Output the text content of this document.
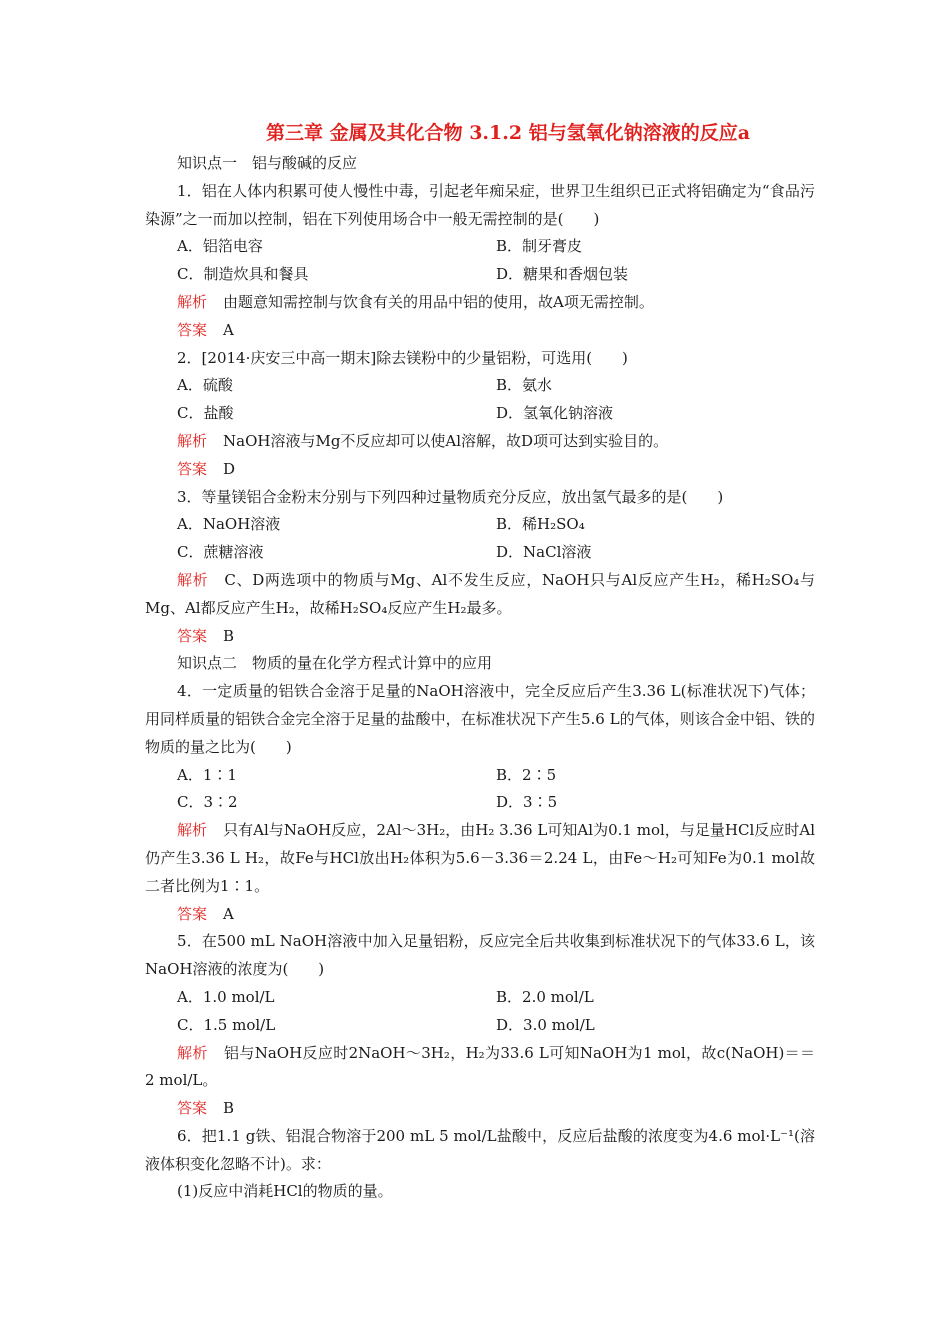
第三章 金属及其化合物 3.1.2 铝与氢氧化钠溶液的反应a
知识点一　铝与酸碱的反应
1．铝在人体内积累可使人慢性中毒，引起老年痴呆症，世界卫生组织已正式将铝确定为“食品污染源”之一而加以控制，铝在下列使用场合中一般无需控制的是(　　)
A．铝箔电容	B．制牙膏皮
C．制造炊具和餐具	D．糖果和香烟包装
解析 由题意知需控制与饮食有关的用品中铝的使用，故A项无需控制。
答案 A
2．[2014·庆安三中高一期末]除去镁粉中的少量铝粉，可选用(　　)
A．硫酸	B．氨水
C．盐酸	D．氢氧化钠溶液
解析 NaOH溶液与Mg不反应却可以使Al溶解，故D项可达到实验目的。
答案 D
3．等量镁铝合金粉末分别与下列四种过量物质充分反应，放出氢气最多的是(　　)
A．NaOH溶液	B．稀H₂SO₄
C．蔗糖溶液	D．NaCl溶液
解析 C、D两选项中的物质与Mg、Al不发生反应，NaOH只与Al反应产生H₂，稀H₂SO₄与Mg、Al都反应产生H₂，故稀H₂SO₄反应产生H₂最多。
答案 B
知识点二　物质的量在化学方程式计算中的应用
4．一定质量的铝铁合金溶于足量的NaOH溶液中，完全反应后产生3.36 L(标准状况下)气体；用同样质量的铝铁合金完全溶于足量的盐酸中，在标准状况下产生5.6 L的气体，则该合金中铝、铁的物质的量之比为(　　)
A．1∶1	B．2∶5
C．3∶2	D．3∶5
解析 只有Al与NaOH反应，2Al～3H₂，由H₂ 3.36 L可知Al为0.1 mol，与足量HCl反应时Al仍产生3.36 L H₂，故Fe与HCl放出H₂体积为5.6－3.36＝2.24 L，由Fe～H₂可知Fe为0.1 mol故二者比例为1∶1。
答案 A
5．在500 mL NaOH溶液中加入足量铝粉，反应完全后共收集到标准状况下的气体33.6 L，该NaOH溶液的浓度为(　　)
A．1.0 mol/L	B．2.0 mol/L
C．1.5 mol/L	D．3.0 mol/L
解析 铝与NaOH反应时2NaOH～3H₂，H₂为33.6 L可知NaOH为1 mol，故c(NaOH)＝＝2 mol/L。
答案 B
6．把1.1 g铁、铝混合物溶于200 mL 5 mol/L盐酸中，反应后盐酸的浓度变为4.6 mol·L⁻¹(溶液体积变化忽略不计)。求：
(1)反应中消耗HCl的物质的量。
